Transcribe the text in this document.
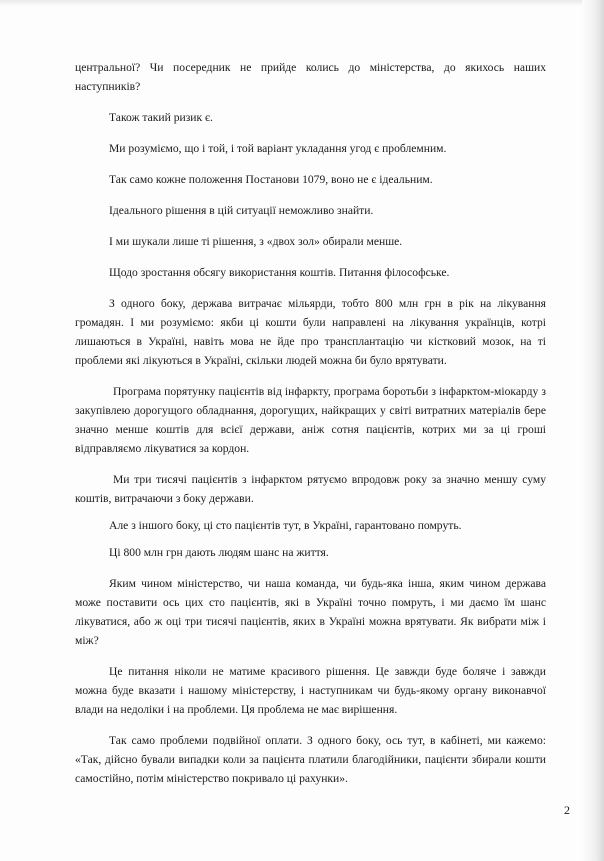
центральної? Чи посередник не прийде колись до міністерства, до якихось наших наступників?

Також такий ризик є.

Ми розуміємо, що і той, і той варіант укладання угод є проблемним.

Так само кожне положення Постанови 1079, воно не є ідеальним.

Ідеального рішення в цій ситуації неможливо знайти.

І ми шукали лише ті рішення, з «двох зол» обирали менше.

Щодо зростання обсягу використання коштів. Питання філософське.

З одного боку, держава витрачає мільярди, тобто 800 млн грн в рік на лікування громадян. І ми розуміємо: якби ці кошти були направлені на лікування українців, котрі лишаються в Україні, навіть мова не йде про трансплантацію чи кістковий мозок, на ті проблеми які лікуються в Україні, скільки людей можна би було врятувати.

Програма порятунку пацієнтів від інфаркту, програма боротьби з інфарктом-міокарду з закупівлею дорогущого обладнання, дорогущих, найкращих у світі витратних матеріалів бере значно менше коштів для всієї держави, аніж сотня пацієнтів, котрих ми за ці гроші відправляємо лікуватися за кордон.

Ми три тисячі пацієнтів з інфарктом рятуємо впродовж року за значно меншу суму коштів, витрачаючи з боку держави.

Але з іншого боку, ці сто пацієнтів тут, в Україні, гарантовано помруть.

Ці 800 млн грн дають людям шанс на життя.

Яким чином міністерство, чи наша команда, чи будь-яка інша, яким чином держава може поставити ось цих сто пацієнтів, які в Україні точно помруть, і ми даємо їм шанс лікуватися, або ж оці три тисячі пацієнтів, яких в Україні можна врятувати. Як вибрати між і між?

Це питання ніколи не матиме красивого рішення. Це завжди буде боляче і завжди можна буде вказати і нашому міністерству, і наступникам чи будь-якому органу виконавчої влади на недоліки і на проблеми. Ця проблема не має вирішення.

Так само проблеми подвійної оплати. З одного боку, ось тут, в кабінеті, ми кажемо: «Так, дійсно бували випадки коли за пацієнта платили благодійники, пацієнти збирали кошти самостійно, потім міністерство покривало ці рахунки».

2
